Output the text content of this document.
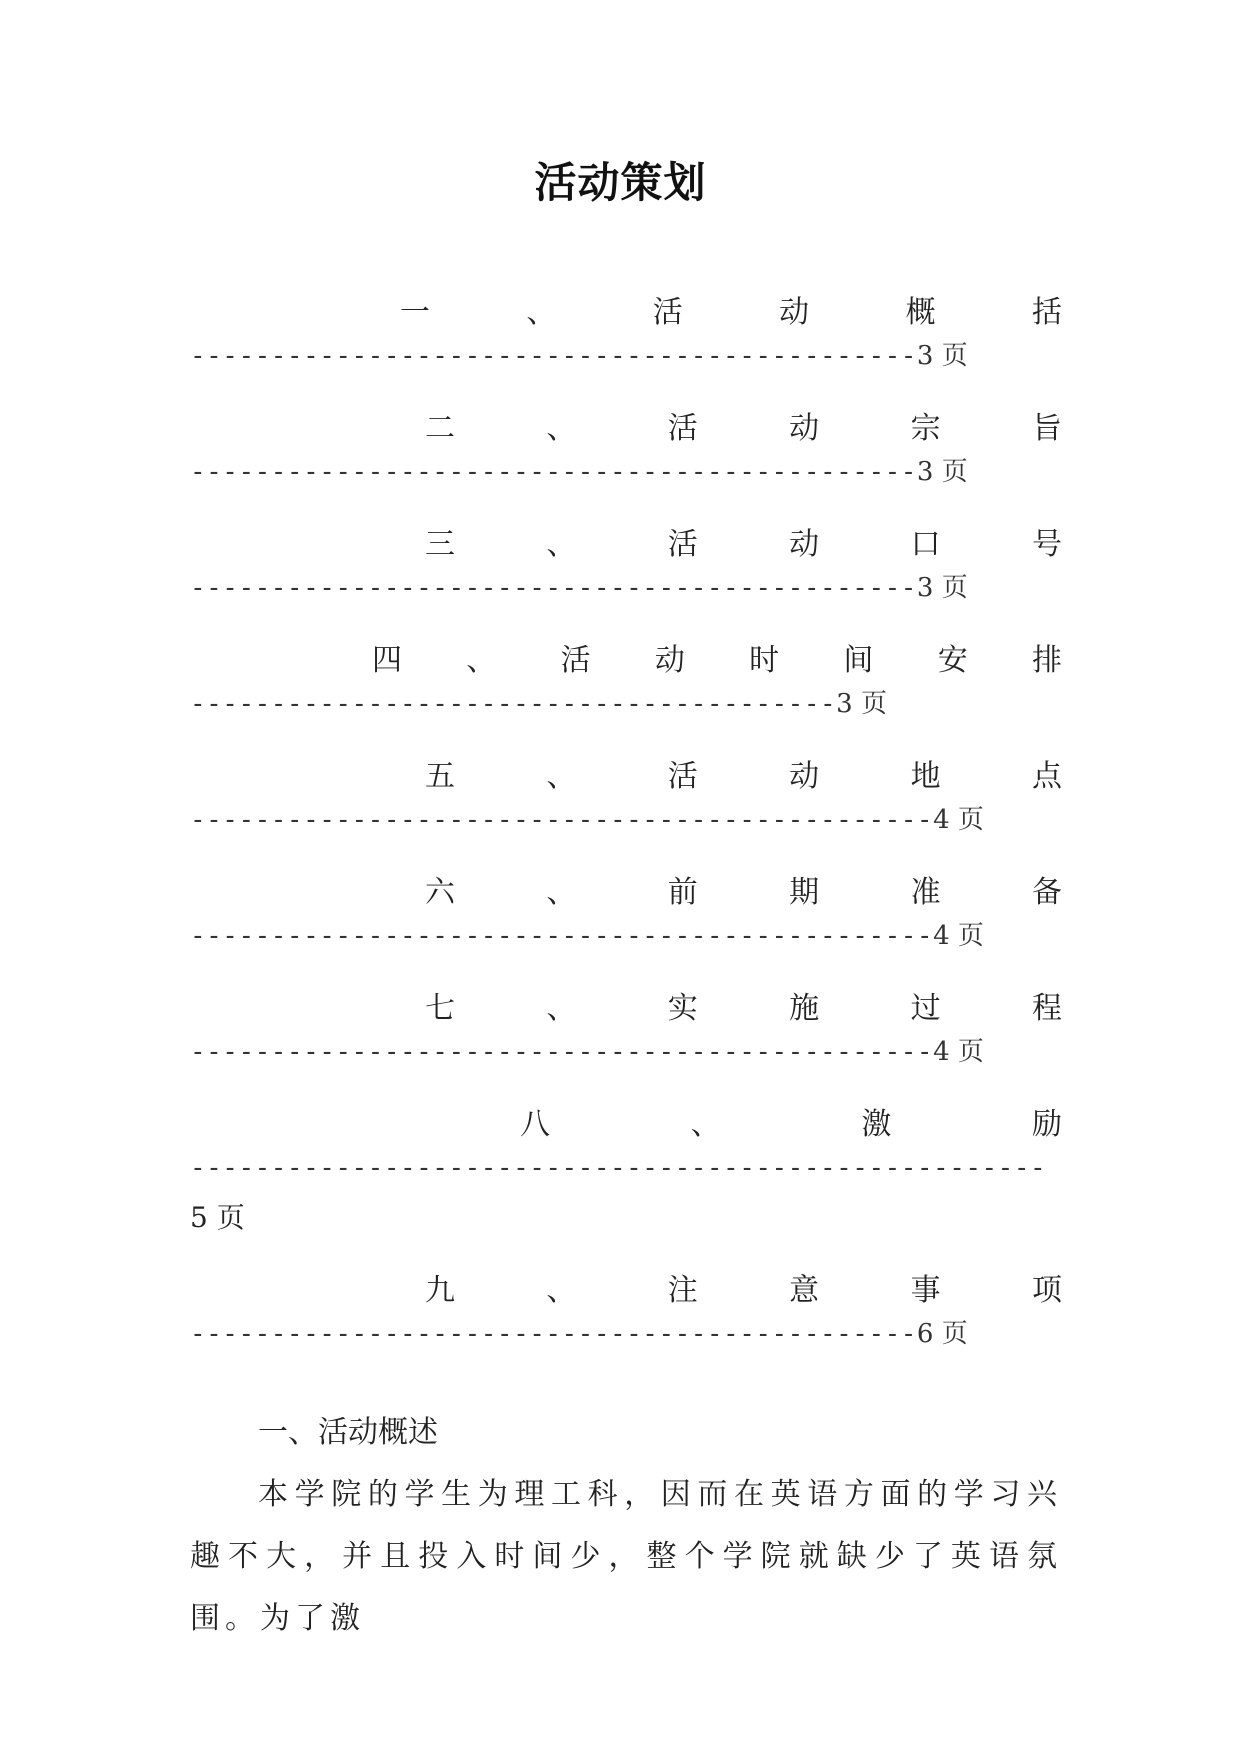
活动策划
一	、	活	动	概	括
---------------------------------------------3 页
二	、	活	动	宗	旨
---------------------------------------------3 页
三	、	活	动	口	号
---------------------------------------------3 页
四 、 活 动 时 间 安 排
----------------------------------------3 页
五	、	活	动	地	点
----------------------------------------------4 页
六	、	前	期	准	备
----------------------------------------------4 页
七	、	实	施	过	程
----------------------------------------------4 页
八	、	激	励
-----------------------------------------------------
5 页
九	、	注	意	事	项
---------------------------------------------6 页

一、活动概述

本学院的学生为理工科，因而在英语方面的学习兴趣不大，并且投入时间少，整个学院就缺少了英语氛围。为了激
